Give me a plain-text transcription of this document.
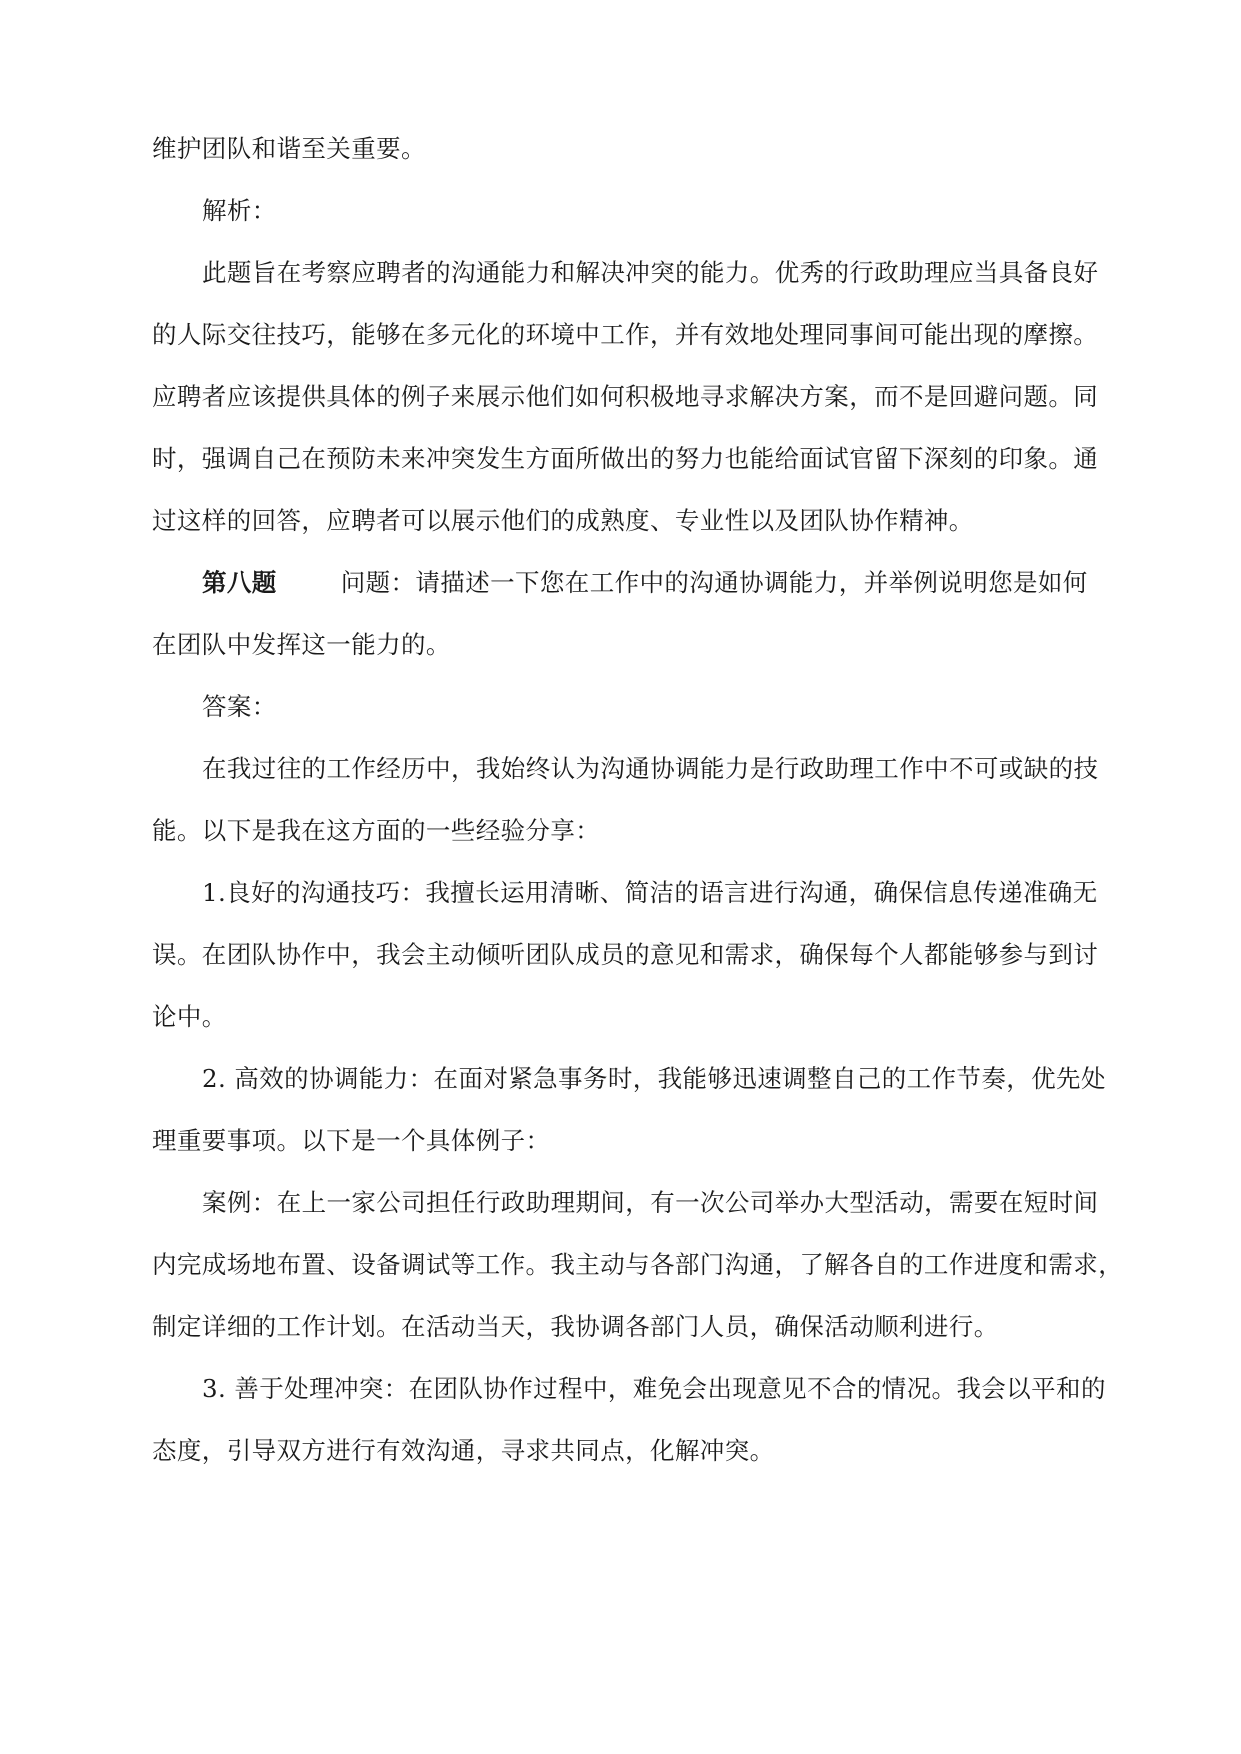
维护团队和谐至关重要。
解析：
此题旨在考察应聘者的沟通能力和解决冲突的能力。优秀的行政助理应当具备良好
的人际交往技巧，能够在多元化的环境中工作，并有效地处理同事间可能出现的摩擦。
应聘者应该提供具体的例子来展示他们如何积极地寻求解决方案，而不是回避问题。同
时，强调自己在预防未来冲突发生方面所做出的努力也能给面试官留下深刻的印象。通
过这样的回答，应聘者可以展示他们的成熟度、专业性以及团队协作精神。
第八题	问题：请描述一下您在工作中的沟通协调能力，并举例说明您是如何
在团队中发挥这一能力的。
答案：
在我过往的工作经历中，我始终认为沟通协调能力是行政助理工作中不可或缺的技
能。以下是我在这方面的一些经验分享：
1.良好的沟通技巧：我擅长运用清晰、简洁的语言进行沟通，确保信息传递准确无
误。在团队协作中，我会主动倾听团队成员的意见和需求，确保每个人都能够参与到讨
论中。
2. 高效的协调能力：在面对紧急事务时，我能够迅速调整自己的工作节奏，优先处
理重要事项。以下是一个具体例子：
案例：在上一家公司担任行政助理期间，有一次公司举办大型活动，需要在短时间
内完成场地布置、设备调试等工作。我主动与各部门沟通，了解各自的工作进度和需求，
制定详细的工作计划。在活动当天，我协调各部门人员，确保活动顺利进行。
3. 善于处理冲突：在团队协作过程中，难免会出现意见不合的情况。我会以平和的
态度，引导双方进行有效沟通，寻求共同点，化解冲突。
